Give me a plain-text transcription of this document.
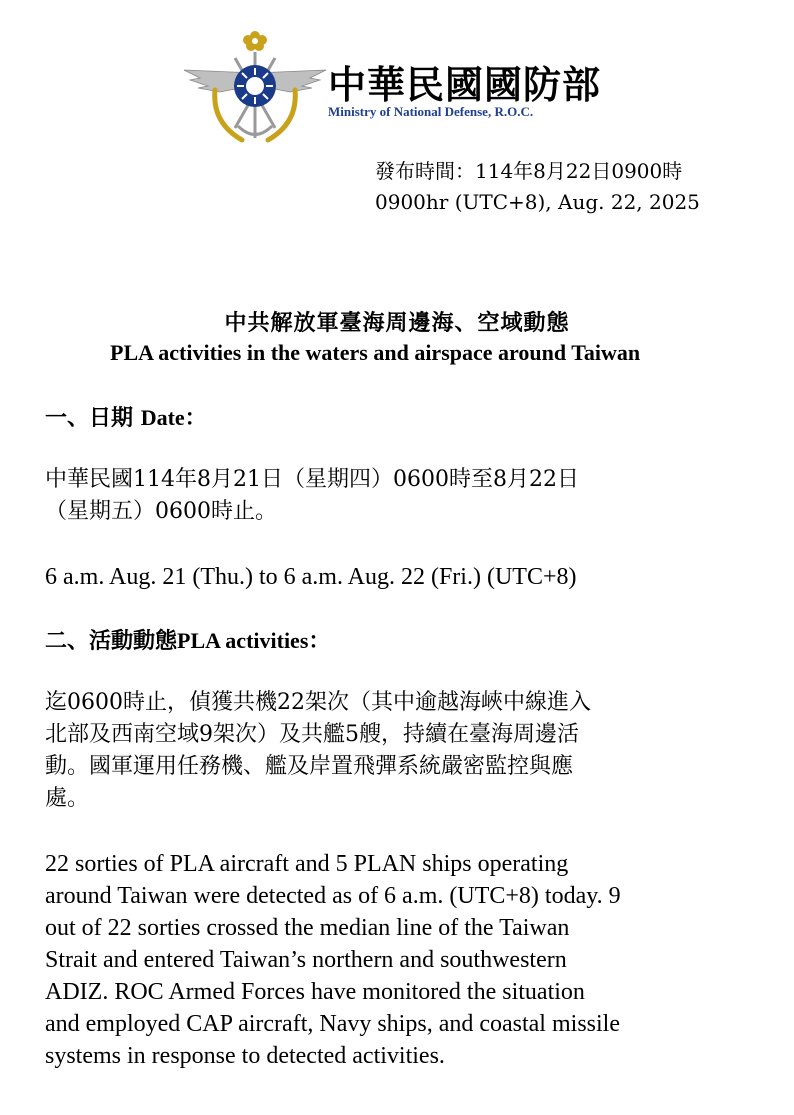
中華民國國防部
Ministry of National Defense, R.O.C.
發布時間：114年8月22日0900時
0900hr (UTC+8), Aug. 22, 2025
中共解放軍臺海周邊海、空域動態
PLA activities in the waters and airspace around Taiwan
一、日期 Date：
中華民國114年8月21日（星期四）0600時至8月22日
（星期五）0600時止。
6 a.m. Aug. 21 (Thu.) to 6 a.m. Aug. 22 (Fri.) (UTC+8)
二、活動動態PLA activities：
迄0600時止，偵獲共機22架次（其中逾越海峽中線進入
北部及西南空域9架次）及共艦5艘，持續在臺海周邊活
動。國軍運用任務機、艦及岸置飛彈系統嚴密監控與應
處。
22 sorties of PLA aircraft and 5 PLAN ships operating
around Taiwan were detected as of 6 a.m. (UTC+8) today. 9
out of 22 sorties crossed the median line of the Taiwan
Strait and entered Taiwan’s northern and southwestern
ADIZ. ROC Armed Forces have monitored the situation
and employed CAP aircraft, Navy ships, and coastal missile
systems in response to detected activities.
